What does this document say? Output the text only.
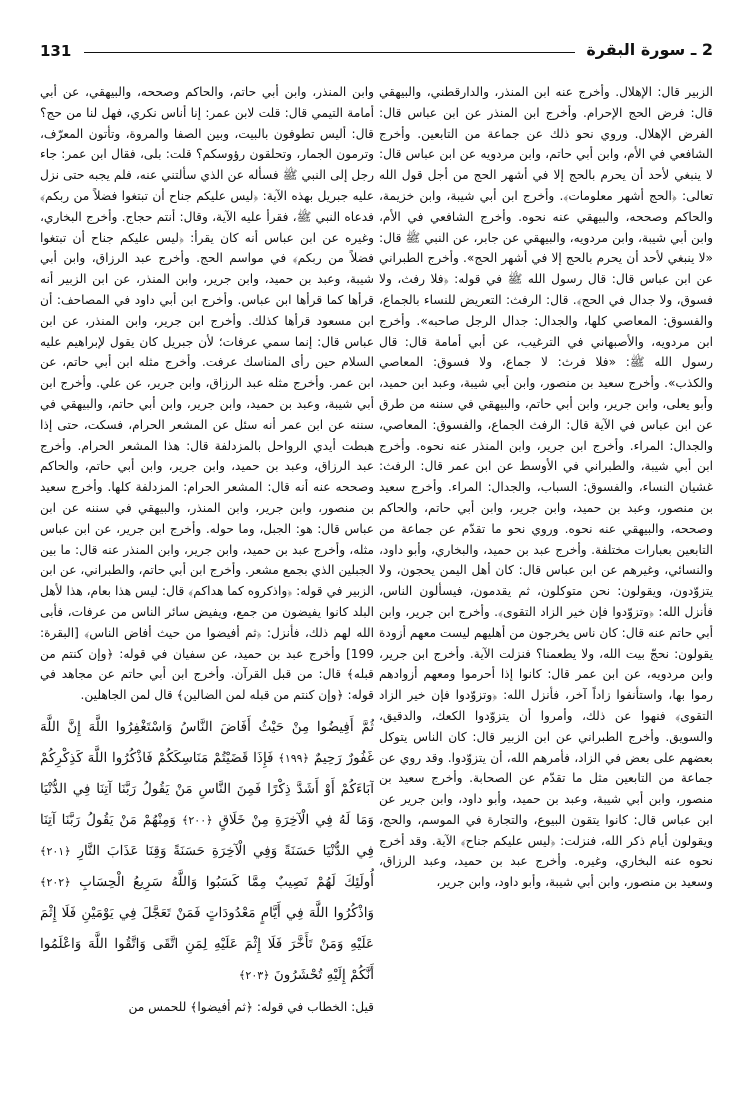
131	2 ـ سورة البقرة

الزبير قال: الإهلال. وأخرج عنه ابن المنذر، والدارقطني، والبيهقي قال: فرض الحج الإحرام. وأخرج ابن المنذر عن ابن عباس قال: الفرض الإهلال. وروي نحو ذلك عن جماعة من التابعين. وأخرج الشافعي في الأم، وابن أبي حاتم، وابن مردويه عن ابن عباس قال: لا ينبغي لأحد أن يحرم بالحج إلا في أشهر الحج من أجل قول الله تعالى: ﴿الحج أشهر معلومات﴾. وأخرج ابن أبي شيبة، وابن خزيمة، والحاكم وصححه، والبيهقي عنه نحوه. وأخرج الشافعي في الأم، وابن أبي شيبة، وابن مردويه، والبيهقي عن جابر، عن النبي ﷺ قال: «لا ينبغي لأحد أن يحرم بالحج إلا في أشهر الحج». وأخرج الطبراني عن ابن عباس قال: قال رسول الله ﷺ في قوله: ﴿فلا رفث، ولا فسوق، ولا جدال في الحج﴾. قال: الرفث: التعريض للنساء بالجماع، والفسوق: المعاصي كلها، والجدال: جدال الرجل صاحبه». وأخرج ابن مردويه، والأصبهاني في الترغيب، عن أبي أمامة قال: قال رسول الله ﷺ: «فلا فرث: لا جماع، ولا فسوق: المعاصي والكذب». وأخرج سعيد بن منصور، وابن أبي شيبة، وعبد ابن حميد، وأبو يعلى، وابن جرير، وابن أبي حاتم، والبيهقي في سننه من طرق عن ابن عباس في الآية قال: الرفث الجماع، والفسوق: المعاصي، والجدال: المراء. وأخرج ابن جرير، وابن المنذر عنه نحوه. وأخرج ابن أبي شيبة، والطبراني في الأوسط عن ابن عمر قال: الرفث: غشيان النساء، والفسوق: السباب، والجدال: المراء. وأخرج سعيد بن منصور، وعبد بن حميد، وابن جرير، وابن أبي حاتم، والحاكم وصححه، والبيهقي عنه نحوه. وروي نحو ما تقدّم عن جماعة من التابعين بعبارات مختلفة. وأخرج عبد بن حميد، والبخاري، وأبو داود، والنسائي، وغيرهم عن ابن عباس قال: كان أهل اليمن يحجون، ولا يتزوّدون، ويقولون: نحن متوكلون، ثم يقدمون، فيسألون الناس، فأنزل الله: ﴿وتزوّدوا فإن خير الزاد التقوى﴾. وأخرج ابن جرير، وابن أبي حاتم عنه قال: كان ناس يخرجون من أهليهم ليست معهم أزودة يقولون: نحجّ بيت الله، ولا يطعمنا؟ فنزلت الآية. وأخرج ابن جرير، وابن مردويه، عن ابن عمر قال: كانوا إذا أحرموا ومعهم أزوادهم رموا بها، واستأنفوا زاداً آخر، فأنزل الله: ﴿وتزوّدوا فإن خير الزاد التقوى﴾ فنهوا عن ذلك، وأمروا أن يتزوّدوا الكعك، والدقيق، والسويق. وأخرج الطبراني عن ابن الزبير قال: كان الناس يتوكل بعضهم على بعض في الزاد، فأمرهم الله، أن يتزوّدوا. وقد روي عن جماعة من التابعين مثل ما تقدّم عن الصحابة. وأخرج سعيد بن منصور، وابن أبي شيبة، وعبد بن حميد، وأبو داود، وابن جرير عن ابن عباس قال: كانوا يتقون البيوع، والتجارة في الموسم، والحج، ويقولون أيام ذكر الله، فنزلت: ﴿ليس عليكم جناح﴾ الآية. وقد أخرج نحوه عنه البخاري، وغيره. وأخرج عبد بن حميد، وعبد الرزاق، وسعيد بن منصور، وابن أبي شيبة، وأبو داود، وابن جرير،

وابن المنذر، وابن أبي حاتم، والحاكم وصححه، والبيهقي، عن أبي أمامة التيمي قال: قلت لابن عمر: إنا أناس نكري، فهل لنا من حج؟ قال: أليس تطوفون بالبيت، وبين الصفا والمروة، وتأتون المعرّف، وترمون الجمار، وتحلقون رؤوسكم؟ قلت: بلى، فقال ابن عمر: جاء رجل إلى النبي ﷺ فسأله عن الذي سألتني عنه، فلم يجبه حتى نزل عليه جبريل بهذه الآية: ﴿ليس عليكم جناح أن تبتغوا فضلاً من ربكم﴾ فدعاه النبي ﷺ، فقرأ عليه الآية، وقال: أنتم حجاج. وأخرج البخاري، وغيره عن ابن عباس أنه كان يقرأ: ﴿ليس عليكم جناح أن تبتغوا فضلاً من ربكم﴾ في مواسم الحج. وأخرج عبد الرزاق، وابن أبي شيبة، وعبد بن حميد، وابن جرير، وابن المنذر، عن ابن الزبير أنه قرأها كما قرأها ابن عباس. وأخرج ابن أبي داود في المصاحف: أن ابن مسعود قرأها كذلك. وأخرج ابن جرير، وابن المنذر، عن ابن عباس قال: إنما سمي عرفات؛ لأن جبريل كان يقول لإبراهيم عليه السلام حين رأى المناسك عرفت. وأخرج مثله ابن أبي حاتم، عن ابن عمر. وأخرج مثله عبد الرزاق، وابن جرير، عن علي. وأخرج ابن أبي شيبة، وعبد بن حميد، وابن جرير، وابن أبي حاتم، والبيهقي في سننه عن ابن عمر أنه سئل عن المشعر الحرام، فسكت، حتى إذا هبطت أيدي الرواحل بالمزدلفة قال: هذا المشعر الحرام. وأخرج عبد الرزاق، وعبد بن حميد، وابن جرير، وابن أبي حاتم، والحاكم وصححه عنه أنه قال: المشعر الحرام: المزدلفة كلها. وأخرج سعيد بن منصور، وابن جرير، وابن المنذر، والبيهقي في سننه عن ابن عباس قال: هو: الجبل، وما حوله. وأخرج ابن جرير، عن ابن عباس مثله، وأخرج عبد بن حميد، وابن جرير، وابن المنذر عنه قال: ما بين الجبلين الذي بجمع مشعر. وأخرج ابن أبي حاتم، والطبراني، عن ابن الزبير في قوله: ﴿واذكروه كما هداكم﴾ قال: ليس هذا بعام، هذا لأهل البلد كانوا يفيضون من جمع، ويفيض سائر الناس من عرفات، فأبى الله لهم ذلك، فأنزل: ﴿ثم أفيضوا من حيث أفاض الناس﴾ [البقرة: 199] وأخرج عبد بن حميد، عن سفيان في قوله: ﴿وإن كنتم من قبله﴾ قال: من قبل القرآن. وأخرج ابن أبي حاتم عن مجاهد في قوله: ﴿وإن كنتم من قبله لمن الضالين﴾ قال لمن الجاهلين.

ثُمَّ أَفِيضُوا مِنْ حَيْثُ أَفَاضَ النَّاسُ وَاسْتَغْفِرُوا اللَّهَ إِنَّ اللَّهَ غَفُورٌ رَحِيمٌ ﴿١٩٩﴾ فَإِذَا قَضَيْتُمْ مَنَاسِكَكُمْ فَاذْكُرُوا اللَّهَ كَذِكْرِكُمْ آبَاءَكُمْ أَوْ أَشَدَّ ذِكْرًا فَمِنَ النَّاسِ مَنْ يَقُولُ رَبَّنَا آتِنَا فِي الدُّنْيَا وَمَا لَهُ فِي الْآخِرَةِ مِنْ خَلَاقٍ ﴿٢٠٠﴾ وَمِنْهُمْ مَنْ يَقُولُ رَبَّنَا آتِنَا فِي الدُّنْيَا حَسَنَةً وَفِي الْآخِرَةِ حَسَنَةً وَقِنَا عَذَابَ النَّارِ ﴿٢٠١﴾ أُولَئِكَ لَهُمْ نَصِيبٌ مِمَّا كَسَبُوا وَاللَّهُ سَرِيعُ الْحِسَابِ ﴿٢٠٢﴾ وَاذْكُرُوا اللَّهَ فِي أَيَّامٍ مَعْدُودَاتٍ فَمَنْ تَعَجَّلَ فِي يَوْمَيْنِ فَلَا إِثْمَ عَلَيْهِ وَمَنْ تَأَخَّرَ فَلَا إِثْمَ عَلَيْهِ لِمَنِ اتَّقَى وَاتَّقُوا اللَّهَ وَاعْلَمُوا أَنَّكُمْ إِلَيْهِ تُحْشَرُونَ ﴿٢٠٣﴾

قيل: الخطاب في قوله: ﴿ثم أفيضوا﴾ للحمس من
